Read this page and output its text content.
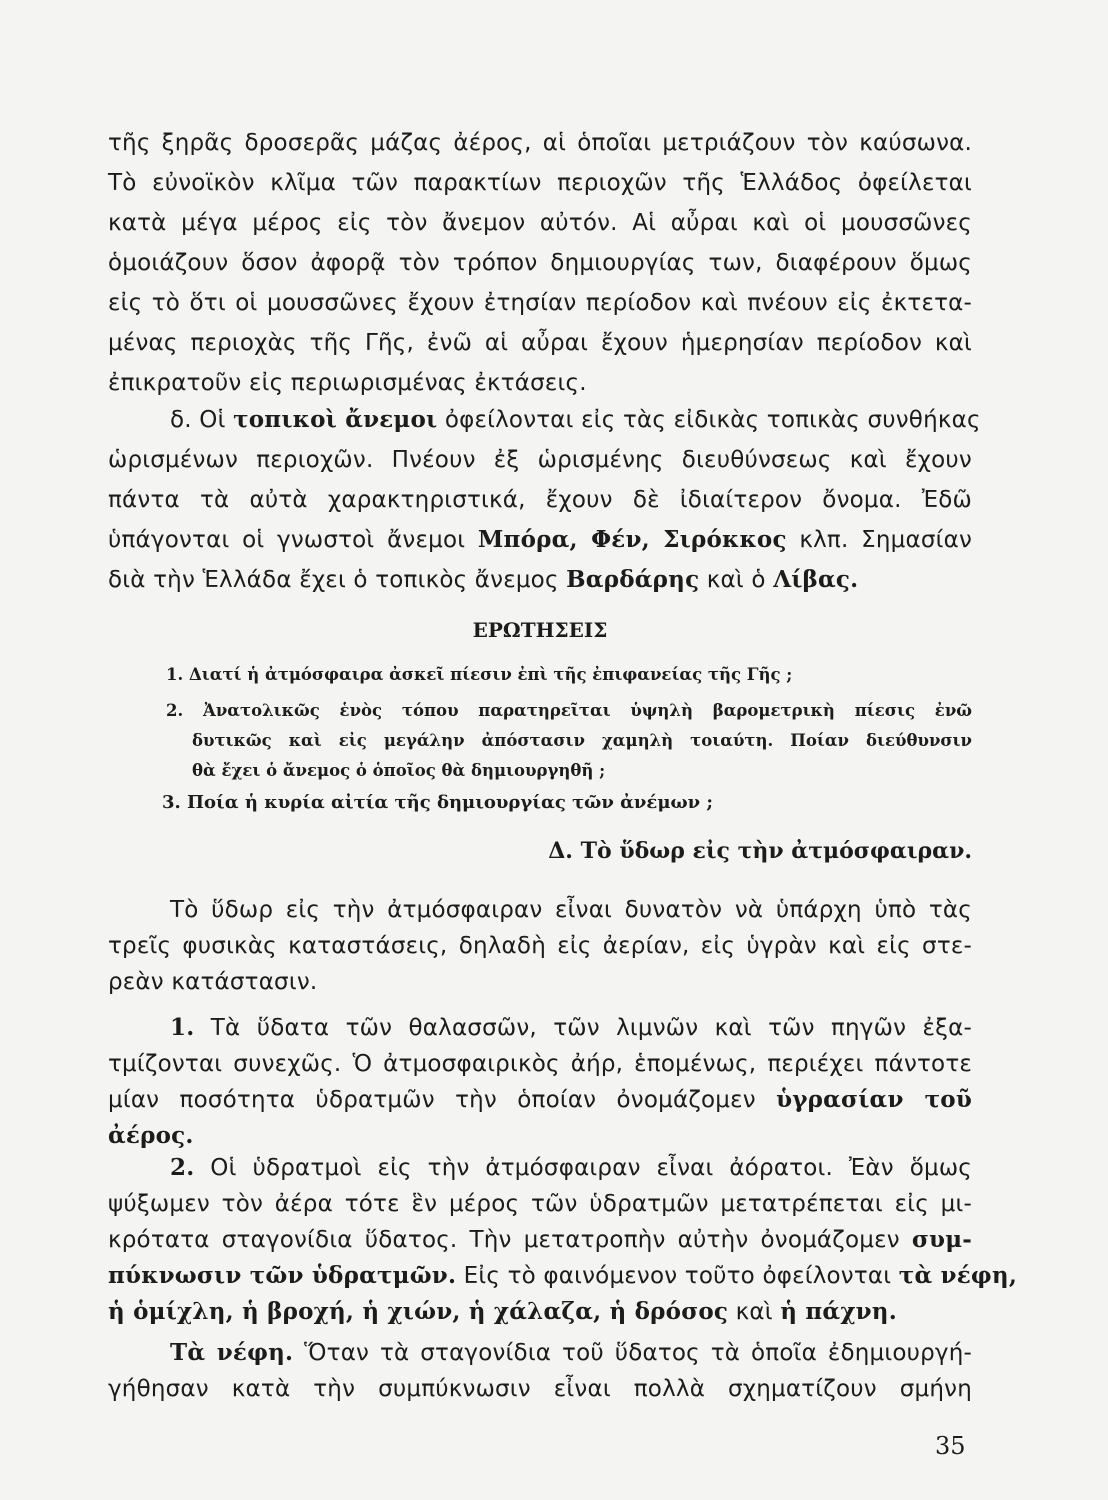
τῆς ξηρᾶς δροσερᾶς μάζας ἀέρος, αἱ ὁποῖαι μετριάζουν τὸν καύσωνα.
Τὸ εὐνοϊκὸν κλῖμα τῶν παρακτίων περιοχῶν τῆς Ἑλλάδος ὀφείλεται
κατὰ μέγα μέρος εἰς τὸν ἄνεμον αὐτόν. Αἱ αὖραι καὶ οἱ μουσσῶνες
ὁμοιάζουν ὅσον ἀφορᾷ τὸν τρόπον δημιουργίας των, διαφέρουν ὅμως
εἰς τὸ ὅτι οἱ μουσσῶνες ἔχουν ἐτησίαν περίοδον καὶ πνέουν εἰς ἐκτετα-
μένας περιοχὰς τῆς Γῆς, ἐνῶ αἱ αὖραι ἔχουν ἡμερησίαν περίοδον καὶ
ἐπικρατοῦν εἰς περιωρισμένας ἐκτάσεις.
δ. Οἱ τοπικοὶ ἄνεμοι ὀφείλονται εἰς τὰς εἰδικὰς τοπικὰς συνθήκας
ὡρισμένων περιοχῶν. Πνέουν ἐξ ὡρισμένης διευθύνσεως καὶ ἔχουν
πάντα τὰ αὐτὰ χαρακτηριστικά, ἔχουν δὲ ἰδιαίτερον ὄνομα. Ἐδῶ
ὑπάγονται οἱ γνωστοὶ ἄνεμοι Μπόρα, Φέν, Σιρόκκος κλπ. Σημασίαν
διὰ τὴν Ἑλλάδα ἔχει ὁ τοπικὸς ἄνεμος Βαρδάρης καὶ ὁ Λίβας.
ΕΡΩΤΗΣΕΙΣ
1. Διατί ἡ ἀτμόσφαιρα ἀσκεῖ πίεσιν ἐπὶ τῆς ἐπιφανείας τῆς Γῆς ;
2. Ἀνατολικῶς ἑνὸς τόπου παρατηρεῖται ὑψηλὴ βαρομετρικὴ πίεσις ἐνῶ
δυτικῶς καὶ εἰς μεγάλην ἀπόστασιν χαμηλὴ τοιαύτη. Ποίαν διεύθυνσιν
θὰ ἔχει ὁ ἄνεμος ὁ ὁποῖος θὰ δημιουργηθῆ ;
3. Ποία ἡ κυρία αἰτία τῆς δημιουργίας τῶν ἀνέμων ;
Δ. Τὸ ὕδωρ εἰς τὴν ἀτμόσφαιραν.
Τὸ ὕδωρ εἰς τὴν ἀτμόσφαιραν εἶναι δυνατὸν νὰ ὑπάρχη ὑπὸ τὰς
τρεῖς φυσικὰς καταστάσεις, δηλαδὴ εἰς ἀερίαν, εἰς ὑγρὰν καὶ εἰς στε-
ρεὰν κατάστασιν.
1. Τὰ ὕδατα τῶν θαλασσῶν, τῶν λιμνῶν καὶ τῶν πηγῶν ἐξα-
τμίζονται συνεχῶς. Ὁ ἀτμοσφαιρικὸς ἀήρ, ἑπομένως, περιέχει πάντοτε
μίαν ποσότητα ὑδρατμῶν τὴν ὁποίαν ὀνομάζομεν ὑγρασίαν τοῦ
ἀέρος.
2. Οἱ ὑδρατμοὶ εἰς τὴν ἀτμόσφαιραν εἶναι ἀόρατοι. Ἐὰν ὅμως
ψύξωμεν τὸν ἀέρα τότε ἓν μέρος τῶν ὑδρατμῶν μετατρέπεται εἰς μι-
κρότατα σταγονίδια ὕδατος. Τὴν μετατροπὴν αὐτὴν ὀνομάζομεν συμ-
πύκνωσιν τῶν ὑδρατμῶν. Εἰς τὸ φαινόμενον τοῦτο ὀφείλονται τὰ νέφη,
ἡ ὁμίχλη, ἡ βροχή, ἡ χιών, ἡ χάλαζα, ἡ δρόσος καὶ ἡ πάχνη.
Τὰ νέφη. Ὅταν τὰ σταγονίδια τοῦ ὕδατος τὰ ὁποῖα ἐδημιουργή-
γήθησαν κατὰ τὴν συμπύκνωσιν εἶναι πολλὰ σχηματίζουν σμήνη
35
